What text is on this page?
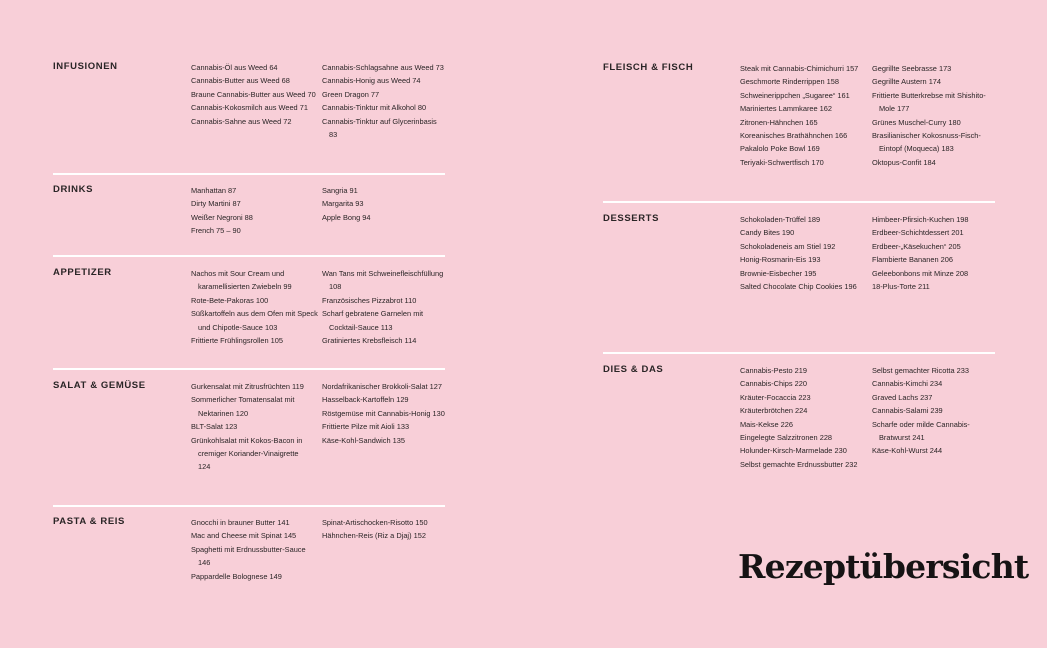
INFUSIONEN	Cannabis-Öl aus Weed 64
Cannabis-Butter aus Weed 68
Braune Cannabis-Butter aus Weed 70
Cannabis-Kokosmilch aus Weed 71
Cannabis-Sahne aus Weed 72
Cannabis-Schlagsahne aus Weed 73
Cannabis-Honig aus Weed 74
Green Dragon 77
Cannabis-Tinktur mit Alkohol 80
Cannabis-Tinktur auf Glycerinbasis 83
DRINKS	Manhattan 87
Dirty Martini 87
Weißer Negroni 88
French 75 – 90
Sangria 91
Margarita 93
Apple Bong 94
APPETIZER	Nachos mit Sour Cream und karamellisierten Zwiebeln 99
Rote-Bete-Pakoras 100
Süßkartoffeln aus dem Ofen mit Speck und Chipotle-Sauce 103
Frittierte Frühlingsrollen 105
Wan Tans mit Schweinefleischfüllung 108
Französisches Pizzabrot 110
Scharf gebratene Garnelen mit Cocktail-Sauce 113
Gratiniertes Krebsfleisch 114
SALAT & GEMÜSE	Gurkensalat mit Zitrusfrüchten 119
Sommerlicher Tomatensalat mit Nektarinen 120
BLT-Salat 123
Grünkohlsalat mit Kokos-Bacon in cremiger Koriander-Vinaigrette 124
Nordafrikanischer Brokkoli-Salat 127
Hasselback-Kartoffeln 129
Röstgemüse mit Cannabis-Honig 130
Frittierte Pilze mit Aioli 133
Käse-Kohl-Sandwich 135
PASTA & REIS	Gnocchi in brauner Butter 141
Mac and Cheese mit Spinat 145
Spaghetti mit Erdnussbutter-Sauce 146
Pappardelle Bolognese 149
Spinat-Artischocken-Risotto 150
Hähnchen-Reis (Riz a Djaj) 152
FLEISCH & FISCH	Steak mit Cannabis-Chimichurri 157
Geschmorte Rinderrippen 158
Schweinerippchen „Sugaree“ 161
Mariniertes Lammkaree 162
Zitronen-Hähnchen 165
Koreanisches Brathähnchen 166
Pakalolo Poke Bowl 169
Teriyaki-Schwertfisch 170
Gegrillte Seebrasse 173
Gegrillte Austern 174
Frittierte Butterkrebse mit Shishito-Mole 177
Grünes Muschel-Curry 180
Brasilianischer Kokosnuss-Fisch-Eintopf (Moqueca) 183
Oktopus-Confit 184
DESSERTS	Schokoladen-Trüffel 189
Candy Bites 190
Schokoladeneis am Stiel 192
Honig-Rosmarin-Eis 193
Brownie-Eisbecher 195
Salted Chocolate Chip Cookies 196
Himbeer-Pfirsich-Kuchen 198
Erdbeer-Schichtdessert 201
Erdbeer-„Käsekuchen“ 205
Flambierte Bananen 206
Geleebonbons mit Minze 208
18-Plus-Torte 211
DIES & DAS	Cannabis-Pesto 219
Cannabis-Chips 220
Kräuter-Focaccia 223
Kräuterbrötchen 224
Mais-Kekse 226
Eingelegte Salzzitronen 228
Holunder-Kirsch-Marmelade 230
Selbst gemachte Erdnussbutter 232
Selbst gemachter Ricotta 233
Cannabis-Kimchi 234
Graved Lachs 237
Cannabis-Salami 239
Scharfe oder milde Cannabis-Bratwurst 241
Käse-Kohl-Wurst 244
Rezeptübersicht
